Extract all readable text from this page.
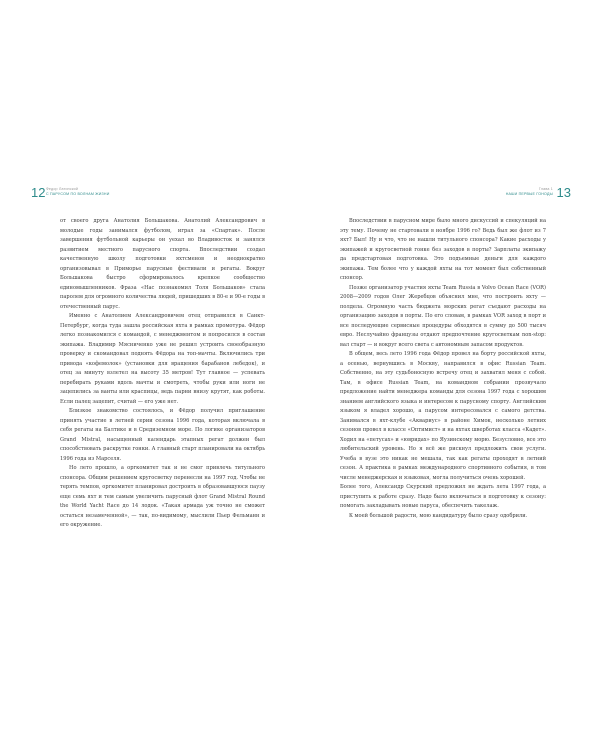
12 Федор Латинский
С ПАРУСОМ ПО ВОЛНАМ ЖИЗНИ

от своего друга Анатолия Большакова. Анатолий Александрович в молодые годы занимался футболом, играл за «Спартак». После завершения футбольной карьеры он уехал во Владивосток и занялся развитием местного парусного спорта. Впоследствии создал качественную школу подготовки яхтсменов и неоднократно организовывал в Приморье парусные фестивали и регаты. Вокруг Большакова быстро сформировалось крепкое сообщество единомышленников. Фраза «Нас познакомил Толя Большаков» стала паролем для огромного количества людей, пришедших в 80-е и 90-е годы в отечественный парус.

Именно с Анатолием Александровичем отец отправился в Санкт-Петербург, когда туда зашла российская яхта в рамках промотура. Фёдор легко познакомился с командой, с менеджментом и попросился в состав экипажа. Владимир Мясниченко уже не решил устроить своеобразную проверку и скомандовал поднять Фёдора на топ-мачты. Включились три привода «кофемолок» (установки для вращения барабанов лебедок), и отец за минуту взлетел на высоту 35 метров! Тут главное — успевать перебирать руками вдоль мачты и смотреть, чтобы руки или ноги не зацепились за ванты или краспицы, ведь парни внизу крутят, как роботы. Если палец зацепит, считай — его уже нет.

Близкое знакомство состоялось, и Фёдор получил приглашение принять участие в летней серии сезона 1996 года, которая включала в себя регаты на Балтике и в Средиземном море. По логике организаторов Grand Mistral, насыщенный календарь этапных регат должен был способствовать раскрутке гонки. А главный старт планировали на октябрь 1996 года из Марселя.

Но лето прошло, а оргкомитет так и не смог привлечь титульного спонсора. Общим решением кругосветку перенесли на 1997 год. Чтобы не терять темпов, оргкомитет планировал достроить в образовавшуюся паузу еще семь яхт и тем самым увеличить парусный флот Grand Mistral Round the World Yacht Race до 14 лодок. «Такая армада уж точно не сможет остаться незамеченной», — так, по-видимому, мыслили Пьер Фельманн и его окружение.

Глава 1
НАШИ ПЕРВЫЕ ГОНОДЫ 13

Впоследствии в парусном мире было много дискуссий и спекуляций на эту тему. Почему не стартовали в ноябре 1996 го? Ведь был же флот из 7 яхт? Был! Ну и что, что не нашли титульного спонсора? Какие расходы у экипажей и кругосветной гонке без заходов в порты? Зарплаты экипажу да предстартовая подготовка. Это подъемные деньги для каждого экипажа. Тем более что у каждой яхты на тот момент был собственный спонсор.

Позже организатор участия яхты Team Russia в Volvo Ocean Race (VOR) 2008—2009 годов Олег Жеребцов объяснил мне, что построить яхту — полдела. Огромную часть бюджета морских регат съедают расходы на организацию заходов в порты. По его словам, в рамках VOR заход в порт и все последующие сервисные процедуры обходятся в сумму до 500 тысяч евро. Неслучайно французы отдают предпочтение кругосветкам non-stop: вал старт — и вокруг всего света с автономным запасом продуктов.

В общем, весь лето 1996 года Фёдор провел на борту российской яхты, а осенью, вернувшись в Москву, направился в офис Russian Team. Собственно, на эту судьбоносную встречу отец и захватил меня с собой. Там, в офисе Russian Team, на командном собрании прозвучало предложение найти менеджера команды для сезона 1997 года с хорошим знанием английского языка и интересом к парусному спорту. Английским языком я владел хорошо, а парусом интересовался с самого детства. Занимался в яхт-клубе «Аквариус» в районе Химок, несколько летних сезонов провел в классе «Оптимист» и на яхтах шверботах класса «Кадет». Ходил на «петусах» и «ювридах» по Яузинскому морю. Безусловно, все это любительский уровень. Но я всё же рискнул предложить свои услуги. Учеба в вузе это никак не мешала, так как регаты проходят в летний сезон. А практика в рамках международного спортивного события, в том числе менеджерская и языковая, могла получиться очень хорошей.

Более того, Александр Скурский предложил не ждать лета 1997 года, а приступить к работе сразу. Надо было включаться в подготовку к сезону: помогать закладывать новые паруса, обеспечить такелаж.

К моей большой радости, мою кандидатуру было сразу одобрили.
